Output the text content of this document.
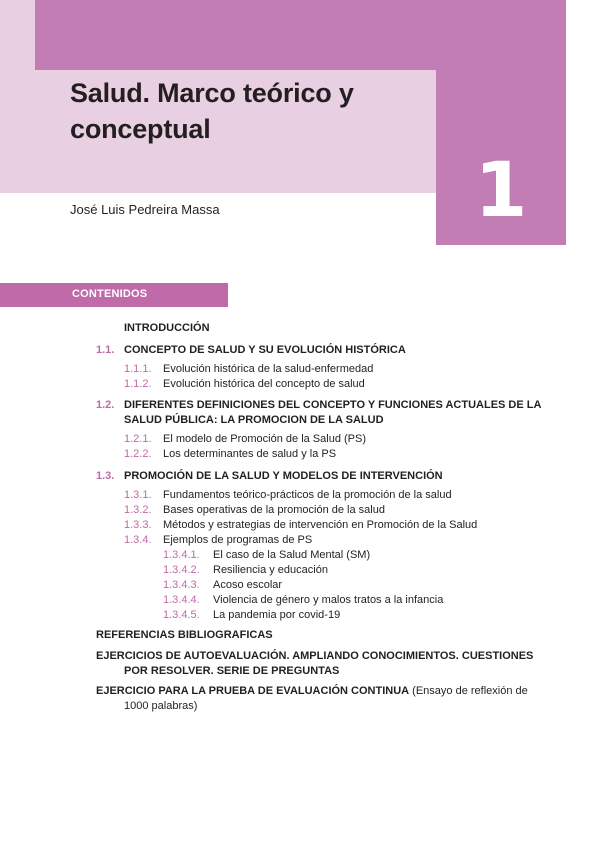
1
Salud. Marco teórico y conceptual
José Luis Pedreira Massa
CONTENIDOS
INTRODUCCIÓN
1.1. CONCEPTO DE SALUD Y SU EVOLUCIÓN HISTÓRICA
1.1.1. Evolución histórica de la salud-enfermedad
1.1.2. Evolución histórica del concepto de salud
1.2. DIFERENTES DEFINICIONES DEL CONCEPTO Y FUNCIONES ACTUALES DE LA
SALUD PÚBLICA: LA PROMOCION DE LA SALUD
1.2.1. El modelo de Promoción de la Salud (PS)
1.2.2. Los determinantes de salud y la PS
1.3. PROMOCIÓN DE LA SALUD Y MODELOS DE INTERVENCIÓN
1.3.1. Fundamentos teórico-prácticos de la promoción de la salud
1.3.2. Bases operativas de la promoción de la salud
1.3.3. Métodos y estrategias de intervención en Promoción de la Salud
1.3.4. Ejemplos de programas de PS
1.3.4.1. El caso de la Salud Mental (SM)
1.3.4.2. Resiliencia y educación
1.3.4.3. Acoso escolar
1.3.4.4. Violencia de género y malos tratos a la infancia
1.3.4.5. La pandemia por covid-19
REFERENCIAS BIBLIOGRAFICAS
EJERCICIOS DE AUTOEVALUACIÓN. AMPLIANDO CONOCIMIENTOS. CUESTIONES
POR RESOLVER. SERIE DE PREGUNTAS
EJERCICIO PARA LA PRUEBA DE EVALUACIÓN CONTINUA (Ensayo de reflexión de
1000 palabras)
